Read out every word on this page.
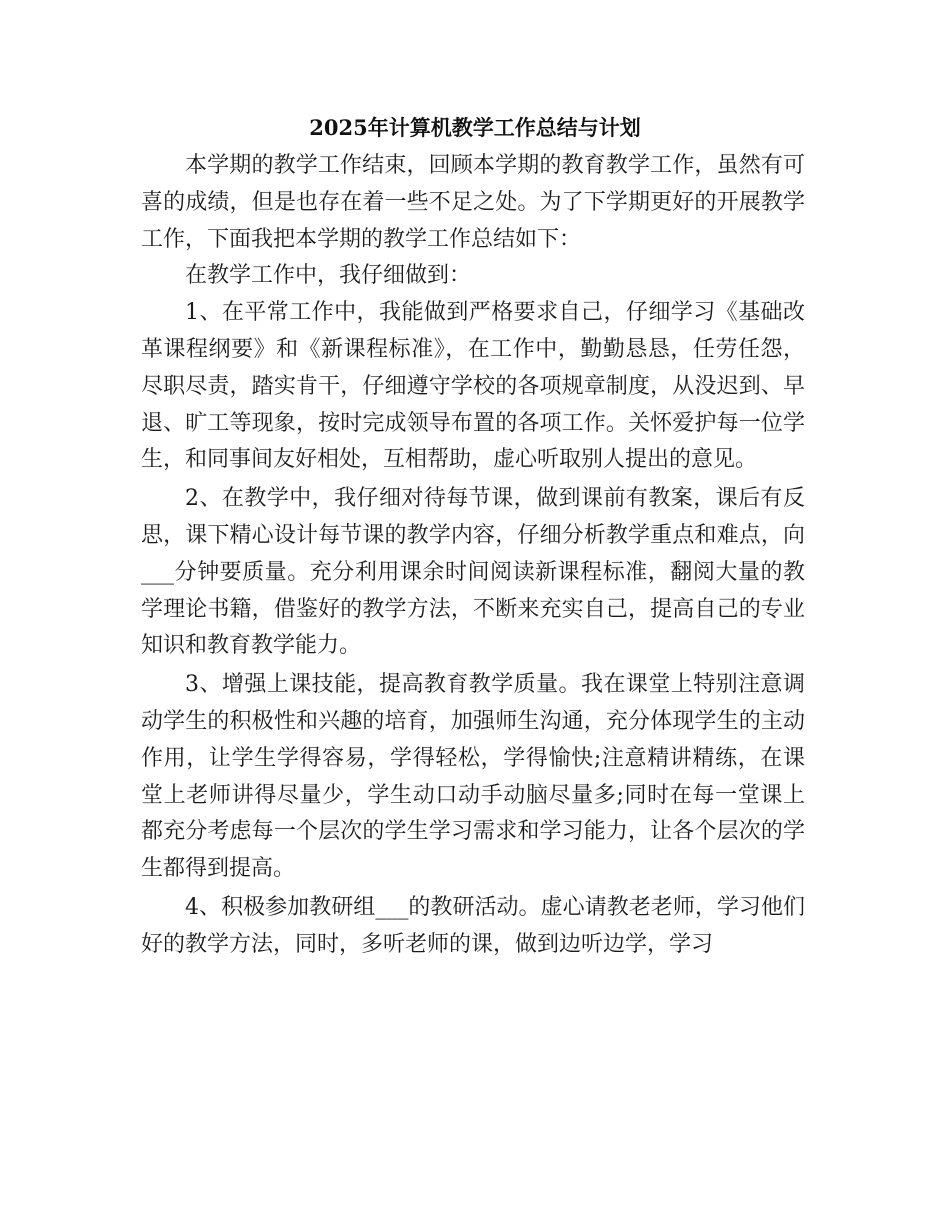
2025年计算机教学工作总结与计划

本学期的教学工作结束，回顾本学期的教育教学工作，虽然有可喜的成绩，但是也存在着一些不足之处。为了下学期更好的开展教学工作，下面我把本学期的教学工作总结如下：

在教学工作中，我仔细做到：

1、在平常工作中，我能做到严格要求自己，仔细学习《基础改革课程纲要》和《新课程标准》，在工作中，勤勤恳恳，任劳任怨，尽职尽责，踏实肯干，仔细遵守学校的各项规章制度，从没迟到、早退、旷工等现象，按时完成领导布置的各项工作。关怀爱护每一位学生，和同事间友好相处，互相帮助，虚心听取别人提出的意见。

2、在教学中，我仔细对待每节课，做到课前有教案，课后有反思，课下精心设计每节课的教学内容，仔细分析教学重点和难点，向___分钟要质量。充分利用课余时间阅读新课程标准，翻阅大量的教学理论书籍，借鉴好的教学方法，不断来充实自己，提高自己的专业知识和教育教学能力。

3、增强上课技能，提高教育教学质量。我在课堂上特别注意调动学生的积极性和兴趣的培育，加强师生沟通，充分体现学生的主动作用，让学生学得容易，学得轻松，学得愉快;注意精讲精练，在课堂上老师讲得尽量少，学生动口动手动脑尽量多;同时在每一堂课上都充分考虑每一个层次的学生学习需求和学习能力，让各个层次的学生都得到提高。

4、积极参加教研组___的教研活动。虚心请教老老师，学习他们好的教学方法，同时，多听老师的课，做到边听边学，学习
